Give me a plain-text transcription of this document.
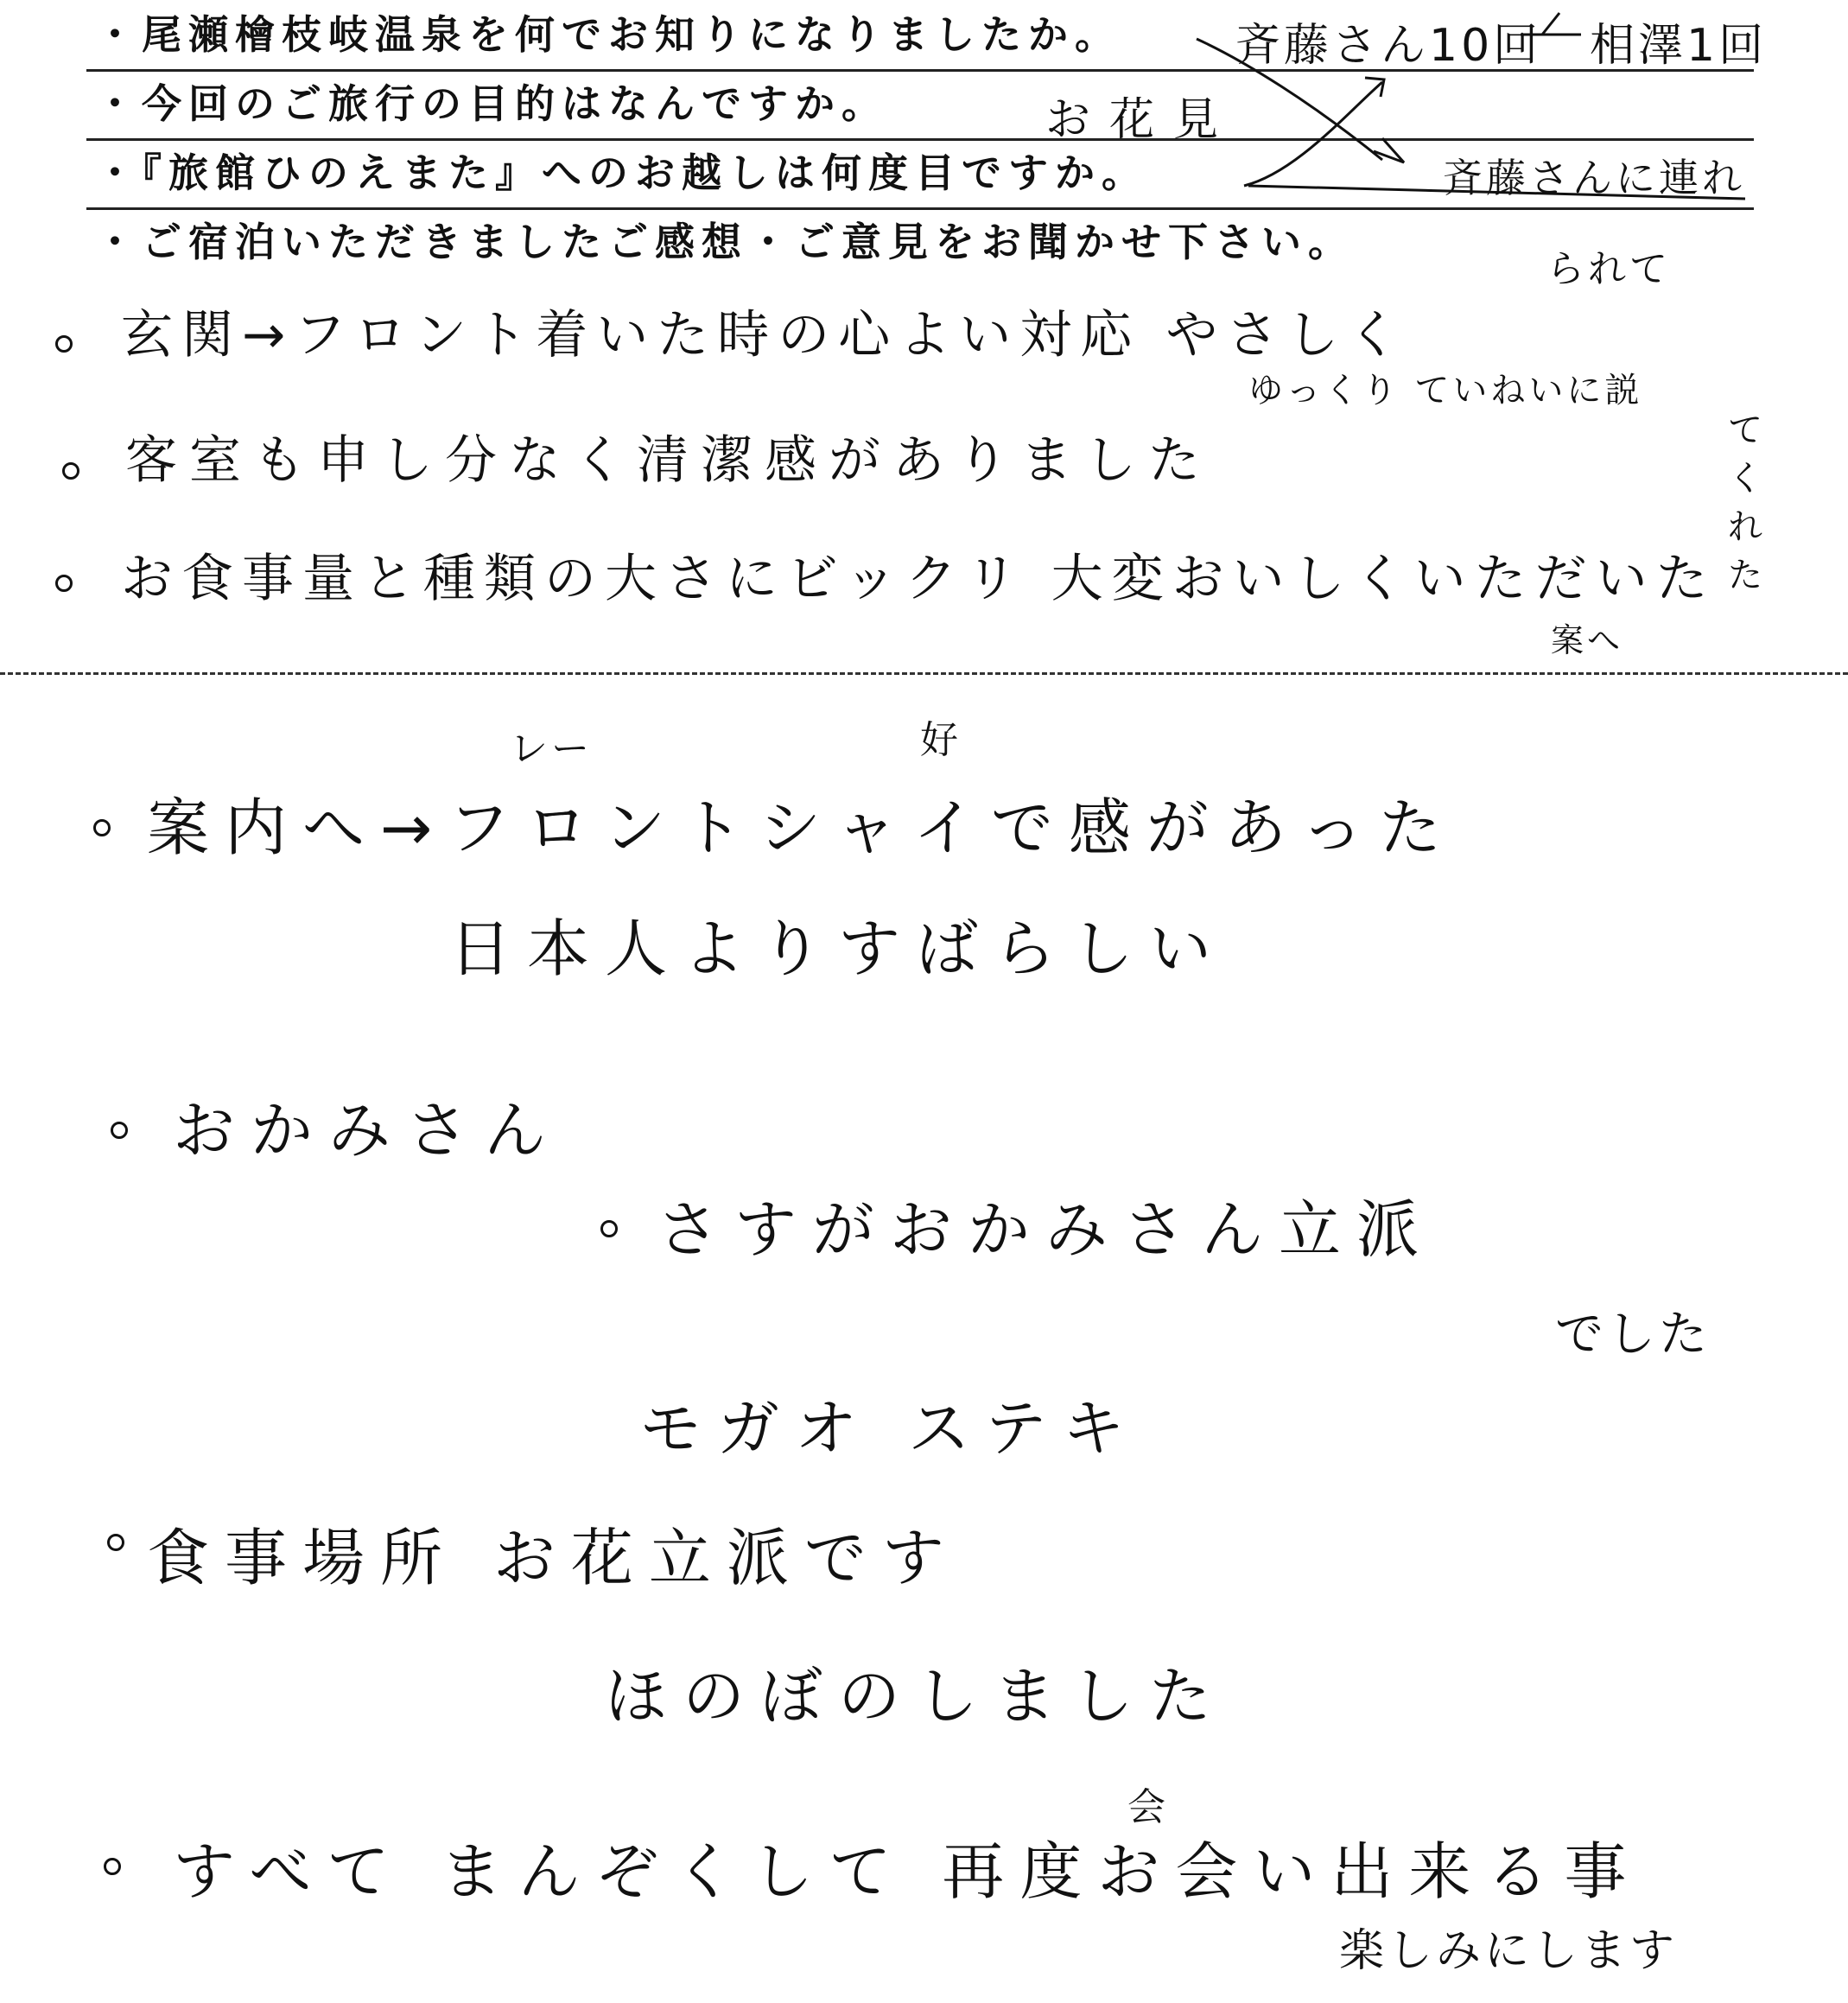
・尾瀬檜枝岐温泉を何でお知りになりましたか。
・今回のご旅行の目的はなんですか。
・『旅館ひのえまた』へのお越しは何度目ですか。
・ご宿泊いただきましたご感想・ご意見をお聞かせ下さい。
斉藤さん10回 相澤1回
お花見
斉藤さんに連れ
玄関→フロント着いた時の心よい対応 やさしく
客室も申し分なく清潔感がありました
お食事量と種類の大さにビックリ 大変おいしくいただいた
られて
ゆっくり ていねいに説
てくれた
案へ
レー	好
案内へ→フロントシャイで感があった
日本人よりすばらしい
おかみさん
さすがおかみさん立派
でした
モガオ ステキ
食事場所 お花立派です
ほのぼのしました
会
すべて まんぞくして 再度お会い出来る事
楽しみにします
